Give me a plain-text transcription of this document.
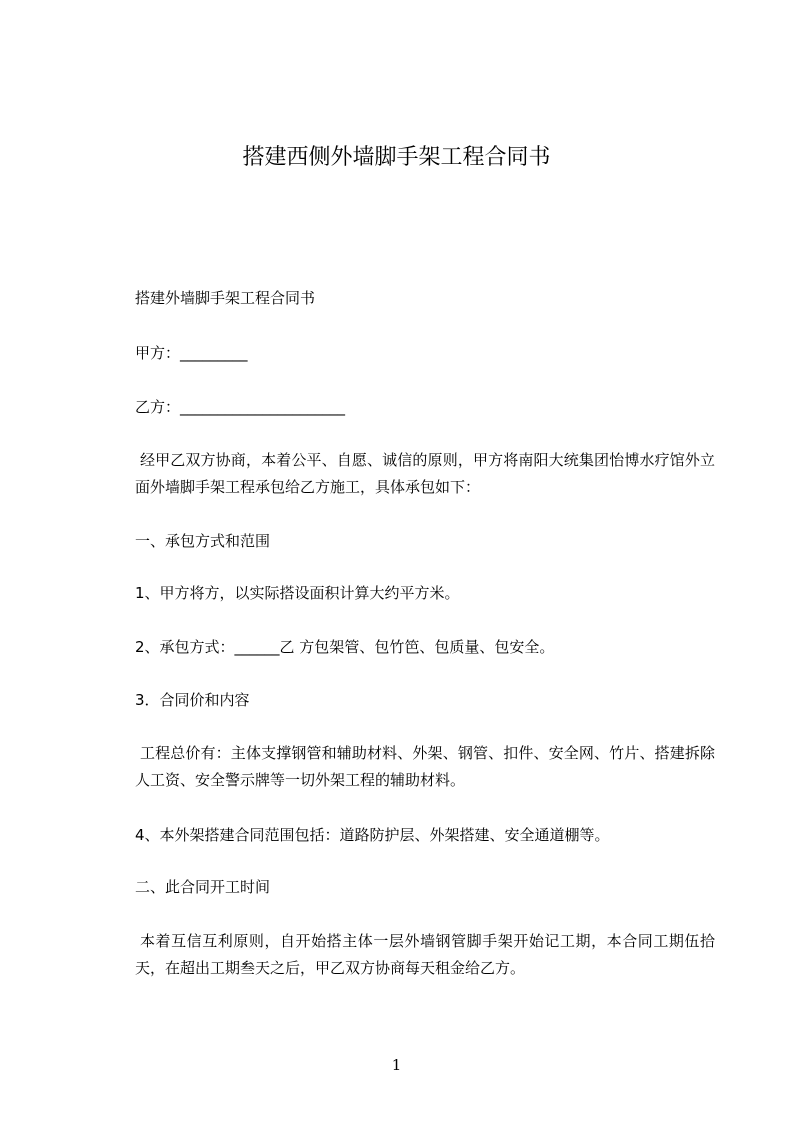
搭建西侧外墙脚手架工程合同书

搭建外墙脚手架工程合同书

甲方：_________

乙方：______________________

经甲乙双方协商，本着公平、自愿、诚信的原则，甲方将南阳大统集团怡博水疗馆外立面外墙脚手架工程承包给乙方施工，具体承包如下：

一、承包方式和范围

1、甲方将方，以实际搭设面积计算大约平方米。

2、承包方式：______乙 方包架管、包竹笆、包质量、包安全。

3．合同价和内容

工程总价有：主体支撑钢管和辅助材料、外架、钢管、扣件、安全网、竹片、搭建拆除人工资、安全警示牌等一切外架工程的辅助材料。

4、本外架搭建合同范围包括：道路防护层、外架搭建、安全通道棚等。

二、此合同开工时间

本着互信互利原则，自开始搭主体一层外墙钢管脚手架开始记工期，本合同工期伍拾天，在超出工期叁天之后，甲乙双方协商每天租金给乙方。

1
